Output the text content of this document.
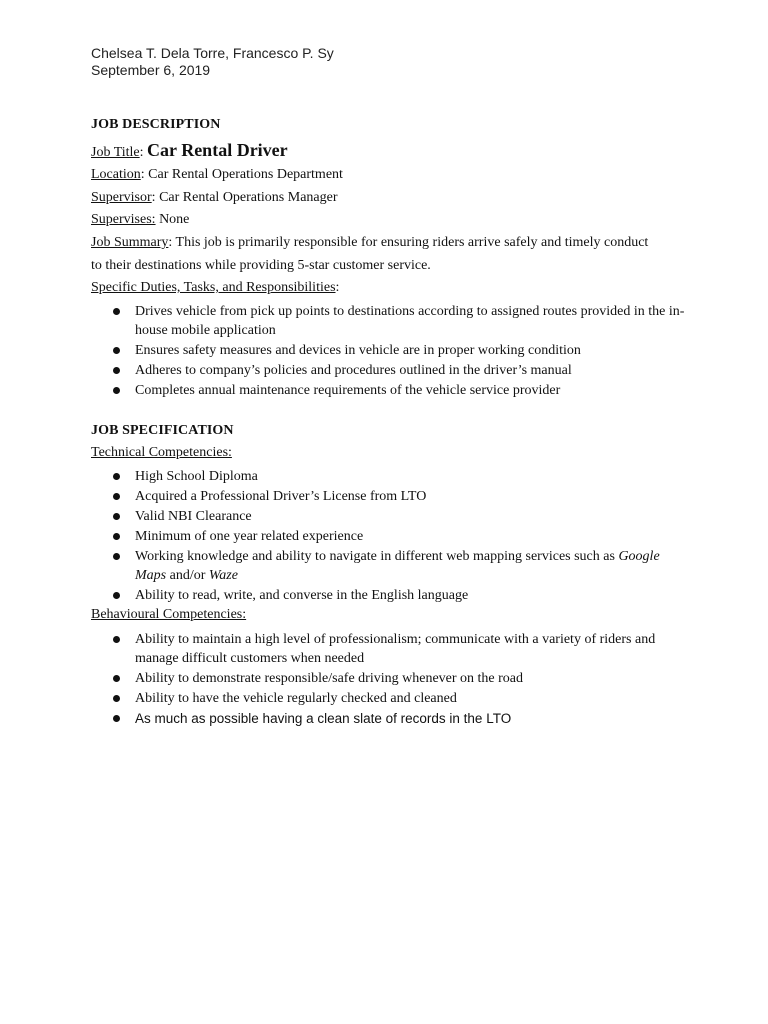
Chelsea T. Dela Torre, Francesco P. Sy
September 6, 2019
JOB DESCRIPTION
Job Title: Car Rental Driver
Location: Car Rental Operations Department
Supervisor: Car Rental Operations Manager
Supervises: None
Job Summary: This job is primarily responsible for ensuring riders arrive safely and timely conduct to their destinations while providing 5-star customer service.
Specific Duties, Tasks, and Responsibilities:
Drives vehicle from pick up points to destinations according to assigned routes provided in the in-house mobile application
Ensures safety measures and devices in vehicle are in proper working condition
Adheres to company’s policies and procedures outlined in the driver’s manual
Completes annual maintenance requirements of the vehicle service provider
JOB SPECIFICATION
Technical Competencies:
High School Diploma
Acquired a Professional Driver’s License from LTO
Valid NBI Clearance
Minimum of one year related experience
Working knowledge and ability to navigate in different web mapping services such as Google Maps and/or Waze
Ability to read, write, and converse in the English language
Behavioural Competencies:
Ability to maintain a high level of professionalism; communicate with a variety of riders and manage difficult customers when needed
Ability to demonstrate responsible/safe driving whenever on the road
Ability to have the vehicle regularly checked and cleaned
As much as possible having a clean slate of records in the LTO
